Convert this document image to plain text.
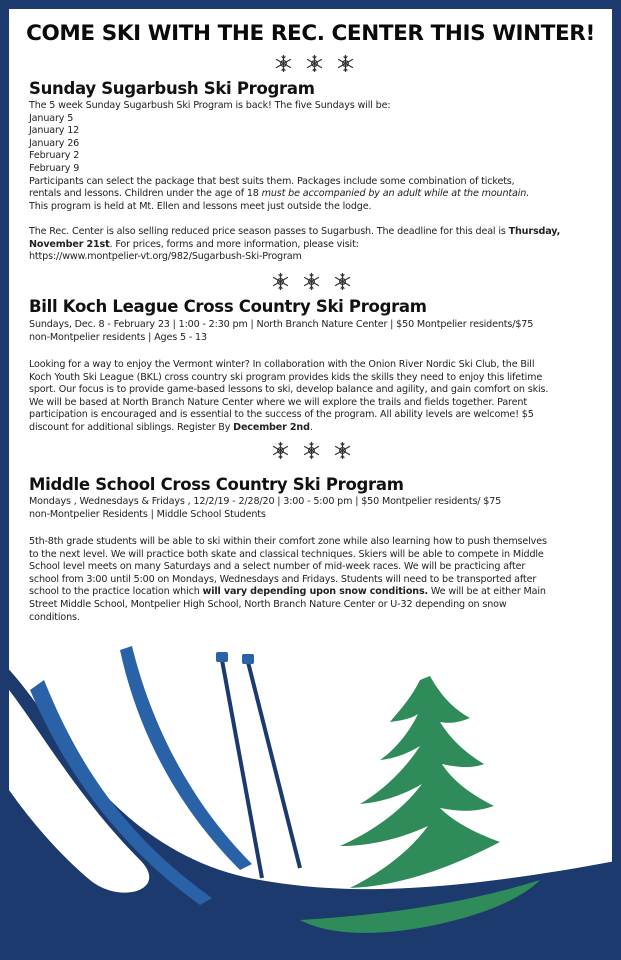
COME SKI WITH THE REC. CENTER THIS WINTER!
Sunday Sugarbush Ski Program
The 5 week Sunday Sugarbush Ski Program is back! The five Sundays will be:
January 5
January 12
January 26
February 2
February 9
Participants can select the package that best suits them. Packages include some combination of tickets,
rentals and lessons. Children under the age of 18 must be accompanied by an adult while at the mountain.
This program is held at Mt. Ellen and lessons meet just outside the lodge.
The Rec. Center is also selling reduced price season passes to Sugarbush. The deadline for this deal is Thursday,
November 21st. For prices, forms and more information, please visit:
https://www.montpelier-vt.org/982/Sugarbush-Ski-Program
Bill Koch League Cross Country Ski Program
Sundays, Dec. 8 - February 23 | 1:00 - 2:30 pm | North Branch Nature Center | $50 Montpelier residents/$75
non-Montpelier residents | Ages 5 - 13
Looking for a way to enjoy the Vermont winter? In collaboration with the Onion River Nordic Ski Club, the Bill
Koch Youth Ski League (BKL) cross country ski program provides kids the skills they need to enjoy this lifetime
sport. Our focus is to provide game-based lessons to ski, develop balance and agility, and gain comfort on skis.
We will be based at North Branch Nature Center where we will explore the trails and fields together. Parent
participation is encouraged and is essential to the success of the program. All ability levels are welcome! $5
discount for additional siblings. Register By December 2nd.
Middle School Cross Country Ski Program
Mondays , Wednesdays & Fridays , 12/2/19 - 2/28/20 | 3:00 - 5:00 pm | $50 Montpelier residents/ $75
non-Montpelier Residents | Middle School Students
5th-8th grade students will be able to ski within their comfort zone while also learning how to push themselves
to the next level. We will practice both skate and classical techniques. Skiers will be able to compete in Middle
School level meets on many Saturdays and a select number of mid-week races. We will be practicing after
school from 3:00 until 5:00 on Mondays, Wednesdays and Fridays. Students will need to be transported after
school to the practice location which will vary depending upon snow conditions. We will be at either Main
Street Middle School, Montpelier High School, North Branch Nature Center or U-32 depending on snow
conditions.
